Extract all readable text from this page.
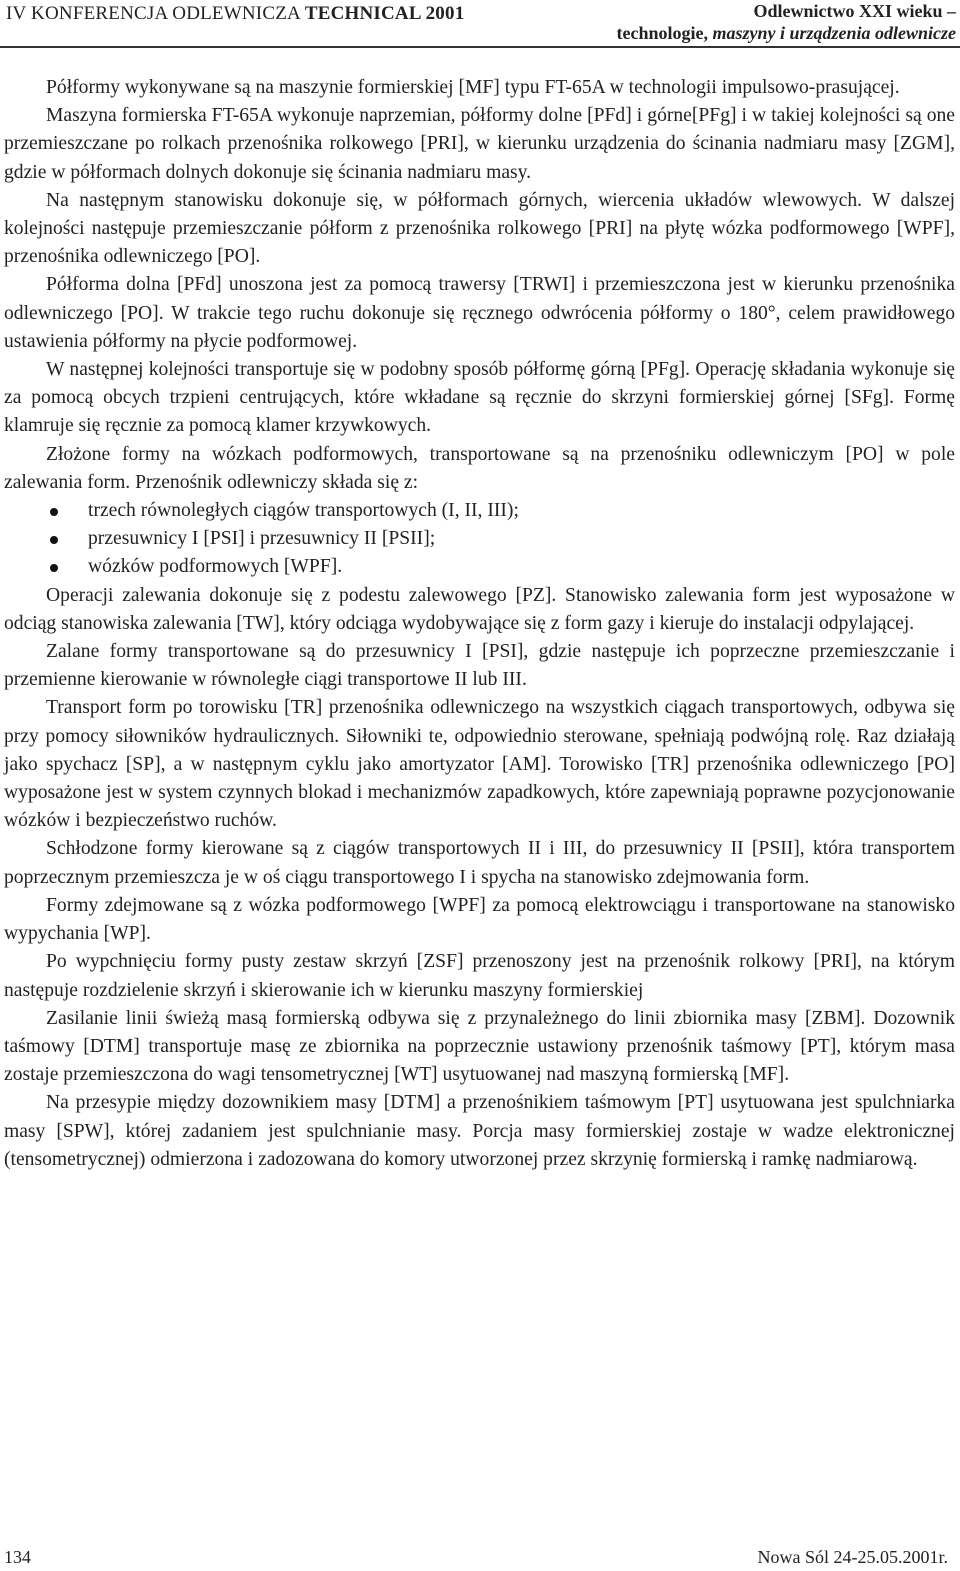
IV KONFERENCJA ODLEWNICZA TECHNICAL 2001	Odlewnictwo XXI wieku –
technologie, maszyny i urządzenia odlewnicze

Półformy wykonywane są na maszynie formierskiej [MF] typu FT-65A w technologii impulsowo-prasującej.

Maszyna formierska FT-65A wykonuje naprzemian, półformy dolne [PFd] i górne[PFg] i w takiej kolejności są one przemieszczane po rolkach przenośnika rolkowego [PRI], w kierunku urządzenia do ścinania nadmiaru masy [ZGM], gdzie w półformach dolnych dokonuje się ścinania nadmiaru masy.

Na następnym stanowisku dokonuje się, w półformach górnych, wiercenia układów wlewowych. W dalszej kolejności następuje przemieszczanie półform z przenośnika rolkowego [PRI] na płytę wózka podformowego [WPF], przenośnika odlewniczego [PO].

Półforma dolna [PFd] unoszona jest za pomocą trawersy [TRWI] i przemieszczona jest w kierunku przenośnika odlewniczego [PO]. W trakcie tego ruchu dokonuje się ręcznego odwrócenia półformy o 180°, celem prawidłowego ustawienia półformy na płycie podformowej.

W następnej kolejności transportuje się w podobny sposób półformę górną [PFg]. Operację składania wykonuje się za pomocą obcych trzpieni centrujących, które wkładane są ręcznie do skrzyni formierskiej górnej [SFg]. Formę klamruje się ręcznie za pomocą klamer krzywkowych.

Złożone formy na wózkach podformowych, transportowane są na przenośniku odlewniczym [PO] w pole zalewania form. Przenośnik odlewniczy składa się z:

trzech równoległych ciągów transportowych (I, II, III);
przesuwnicy I [PSI] i przesuwnicy II [PSII];
wózków podformowych [WPF].

Operacji zalewania dokonuje się z podestu zalewowego [PZ]. Stanowisko zalewania form jest wyposażone w odciąg stanowiska zalewania [TW], który odciąga wydobywające się z form gazy i kieruje do instalacji odpylającej.

Zalane formy transportowane są do przesuwnicy I [PSI], gdzie następuje ich poprzeczne przemieszczanie i przemienne kierowanie w równoległe ciągi transportowe II lub III.

Transport form po torowisku [TR] przenośnika odlewniczego na wszystkich ciągach transportowych, odbywa się przy pomocy siłowników hydraulicznych. Siłowniki te, odpowiednio sterowane, spełniają podwójną rolę. Raz działają jako spychacz [SP], a w następnym cyklu jako amortyzator [AM]. Torowisko [TR] przenośnika odlewniczego [PO] wyposażone jest w system czynnych blokad i mechanizmów zapadkowych, które zapewniają poprawne pozycjonowanie wózków i bezpieczeństwo ruchów.

Schłodzone formy kierowane są z ciągów transportowych II i III, do przesuwnicy II [PSII], która transportem poprzecznym przemieszcza je w oś ciągu transportowego I i spycha na stanowisko zdejmowania form.

Formy zdejmowane są z wózka podformowego [WPF] za pomocą elektrowciągu i transportowane na stanowisko wypychania [WP].

Po wypchnięciu formy pusty zestaw skrzyń [ZSF] przenoszony jest na przenośnik rolkowy [PRI], na którym następuje rozdzielenie skrzyń i skierowanie ich w kierunku maszyny formierskiej

Zasilanie linii świeżą masą formierską odbywa się z przynależnego do linii zbiornika masy [ZBM]. Dozownik taśmowy [DTM] transportuje masę ze zbiornika na poprzecznie ustawiony przenośnik taśmowy [PT], którym masa zostaje przemieszczona do wagi tensometrycznej [WT] usytuowanej nad maszyną formierską [MF].

Na przesypie między dozownikiem masy [DTM] a przenośnikiem taśmowym [PT] usytuowana jest spulchniarka masy [SPW], której zadaniem jest spulchnianie masy. Porcja masy formierskiej zostaje w wadze elektronicznej (tensometrycznej) odmierzona i zadozowana do komory utworzonej przez skrzynię formierską i ramkę nadmiarową.

134	Nowa Sól 24-25.05.2001r.
